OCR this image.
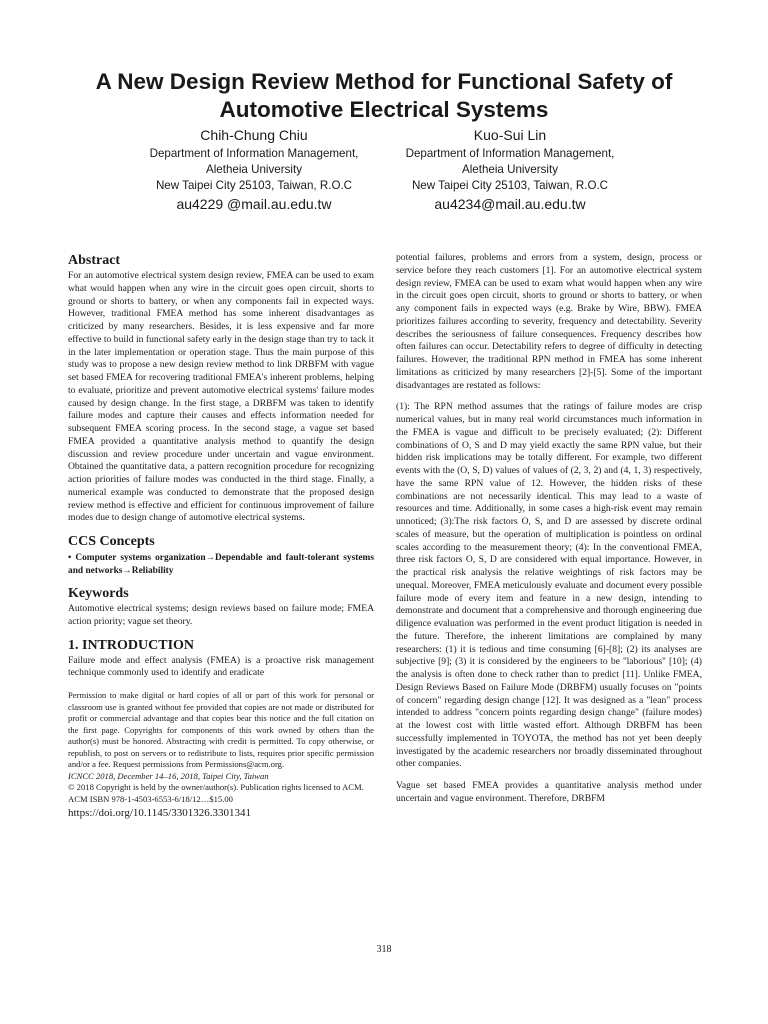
A New Design Review Method for Functional Safety of Automotive Electrical Systems
Chih-Chung Chiu
Department of Information Management,
Aletheia University
New Taipei City 25103, Taiwan, R.O.C
au4229 @mail.au.edu.tw
Kuo-Sui Lin
Department of Information Management,
Aletheia University
New Taipei City 25103, Taiwan, R.O.C
au4234@mail.au.edu.tw
Abstract

For an automotive electrical system design review, FMEA can be used to exam what would happen when any wire in the circuit goes open circuit, shorts to ground or shorts to battery, or when any components fail in expected ways. However, traditional FMEA method has some inherent disadvantages as criticized by many researchers. Besides, it is less expensive and far more effective to build in functional safety early in the design stage than try to tack it in the later implementation or operation stage. Thus the main purpose of this study was to propose a new design review method to link DRBFM with vague set based FMEA for recovering traditional FMEA's inherent problems, helping to evaluate, prioritize and prevent automotive electrical systems' failure modes caused by design change. In the first stage, a DRBFM was taken to identify failure modes and capture their causes and effects information needed for subsequent FMEA scoring process. In the second stage, a vague set based FMEA provided a quantitative analysis method to quantify the design discussion and review procedure under uncertain and vague environment. Obtained the quantitative data, a pattern recognition procedure for recognizing action priorities of failure modes was conducted in the third stage. Finally, a numerical example was conducted to demonstrate that the proposed design review method is effective and efficient for continuous improvement of failure modes due to design change of automotive electrical systems.

CCS Concepts

• Computer systems organization→Dependable and fault-tolerant systems and networks→Reliability

Keywords

Automotive electrical systems; design reviews based on failure mode; FMEA action priority; vague set theory.

1. INTRODUCTION

Failure mode and effect analysis (FMEA) is a proactive risk management technique commonly used to identify and eradicate

Permission to make digital or hard copies of all or part of this work for personal or classroom use is granted without fee provided that copies are not made or distributed for profit or commercial advantage and that copies bear this notice and the full citation on the first page. Copyrights for components of this work owned by others than the author(s) must be honored. Abstracting with credit is permitted. To copy otherwise, or republish, to post on servers or to redistribute to lists, requires prior specific permission and/or a fee. Request permissions from Permissions@acm.org.

ICNCC 2018, December 14–16, 2018, Taipei City, Taiwan

© 2018 Copyright is held by the owner/author(s). Publication rights licensed to ACM.

ACM ISBN 978-1-4503-6553-6/18/12…$15.00

https://doi.org/10.1145/3301326.3301341

potential failures, problems and errors from a system, design, process or service before they reach customers [1]. For an automotive electrical system design review, FMEA can be used to exam what would happen when any wire in the circuit goes open circuit, shorts to ground or shorts to battery, or when any component fails in expected ways (e.g. Brake by Wire, BBW). FMEA prioritizes failures according to severity, frequency and detectability. Severity describes the seriousness of failure consequences. Frequency describes how often failures can occur. Detectability refers to degree of difficulty in detecting failures. However, the traditional RPN method in FMEA has some inherent limitations as criticized by many researchers [2]-[5]. Some of the important disadvantages are restated as follows:

(1): The RPN method assumes that the ratings of failure modes are crisp numerical values, but in many real world circumstances much information in the FMEA is vague and difficult to be precisely evaluated; (2): Different combinations of O, S and D may yield exactly the same RPN value, but their hidden risk implications may be totally different. For example, two different events with the (O, S, D) values of values of (2, 3, 2) and (4, 1, 3) respectively, have the same RPN value of 12. However, the hidden risks of these combinations are not necessarily identical. This may lead to a waste of resources and time. Additionally, in some cases a high-risk event may remain unnoticed; (3):The risk factors O, S, and D are assessed by discrete ordinal scales of measure, but the operation of multiplication is pointless on ordinal scales according to the measurement theory; (4): In the conventional FMEA, three risk factors O, S, D are considered with equal importance. However, in the practical risk analysis the relative weightings of risk factors may be unequal. Moreover, FMEA meticulously evaluate and document every possible failure mode of every item and feature in a new design, intending to demonstrate and document that a comprehensive and thorough engineering due diligence evaluation was performed in the event product litigation is needed in the future. Therefore, the inherent limitations are complained by many researchers: (1) it is tedious and time consuming [6]-[8]; (2) its analyses are subjective [9]; (3) it is considered by the engineers to be ''laborious'' [10]; (4) the analysis is often done to check rather than to predict [11]. Unlike FMEA, Design Reviews Based on Failure Mode (DRBFM) usually focuses on "points of concern" regarding design change [12]. It was designed as a "lean" process intended to address "concern points regarding design change" (failure modes) at the lowest cost with little wasted effort. Although DRBFM has been successfully implemented in TOYOTA, the method has not yet been deeply investigated by the academic researchers nor broadly disseminated throughout other companies.

Vague set based FMEA provides a quantitative analysis method under uncertain and vague environment. Therefore, DRBFM

318
